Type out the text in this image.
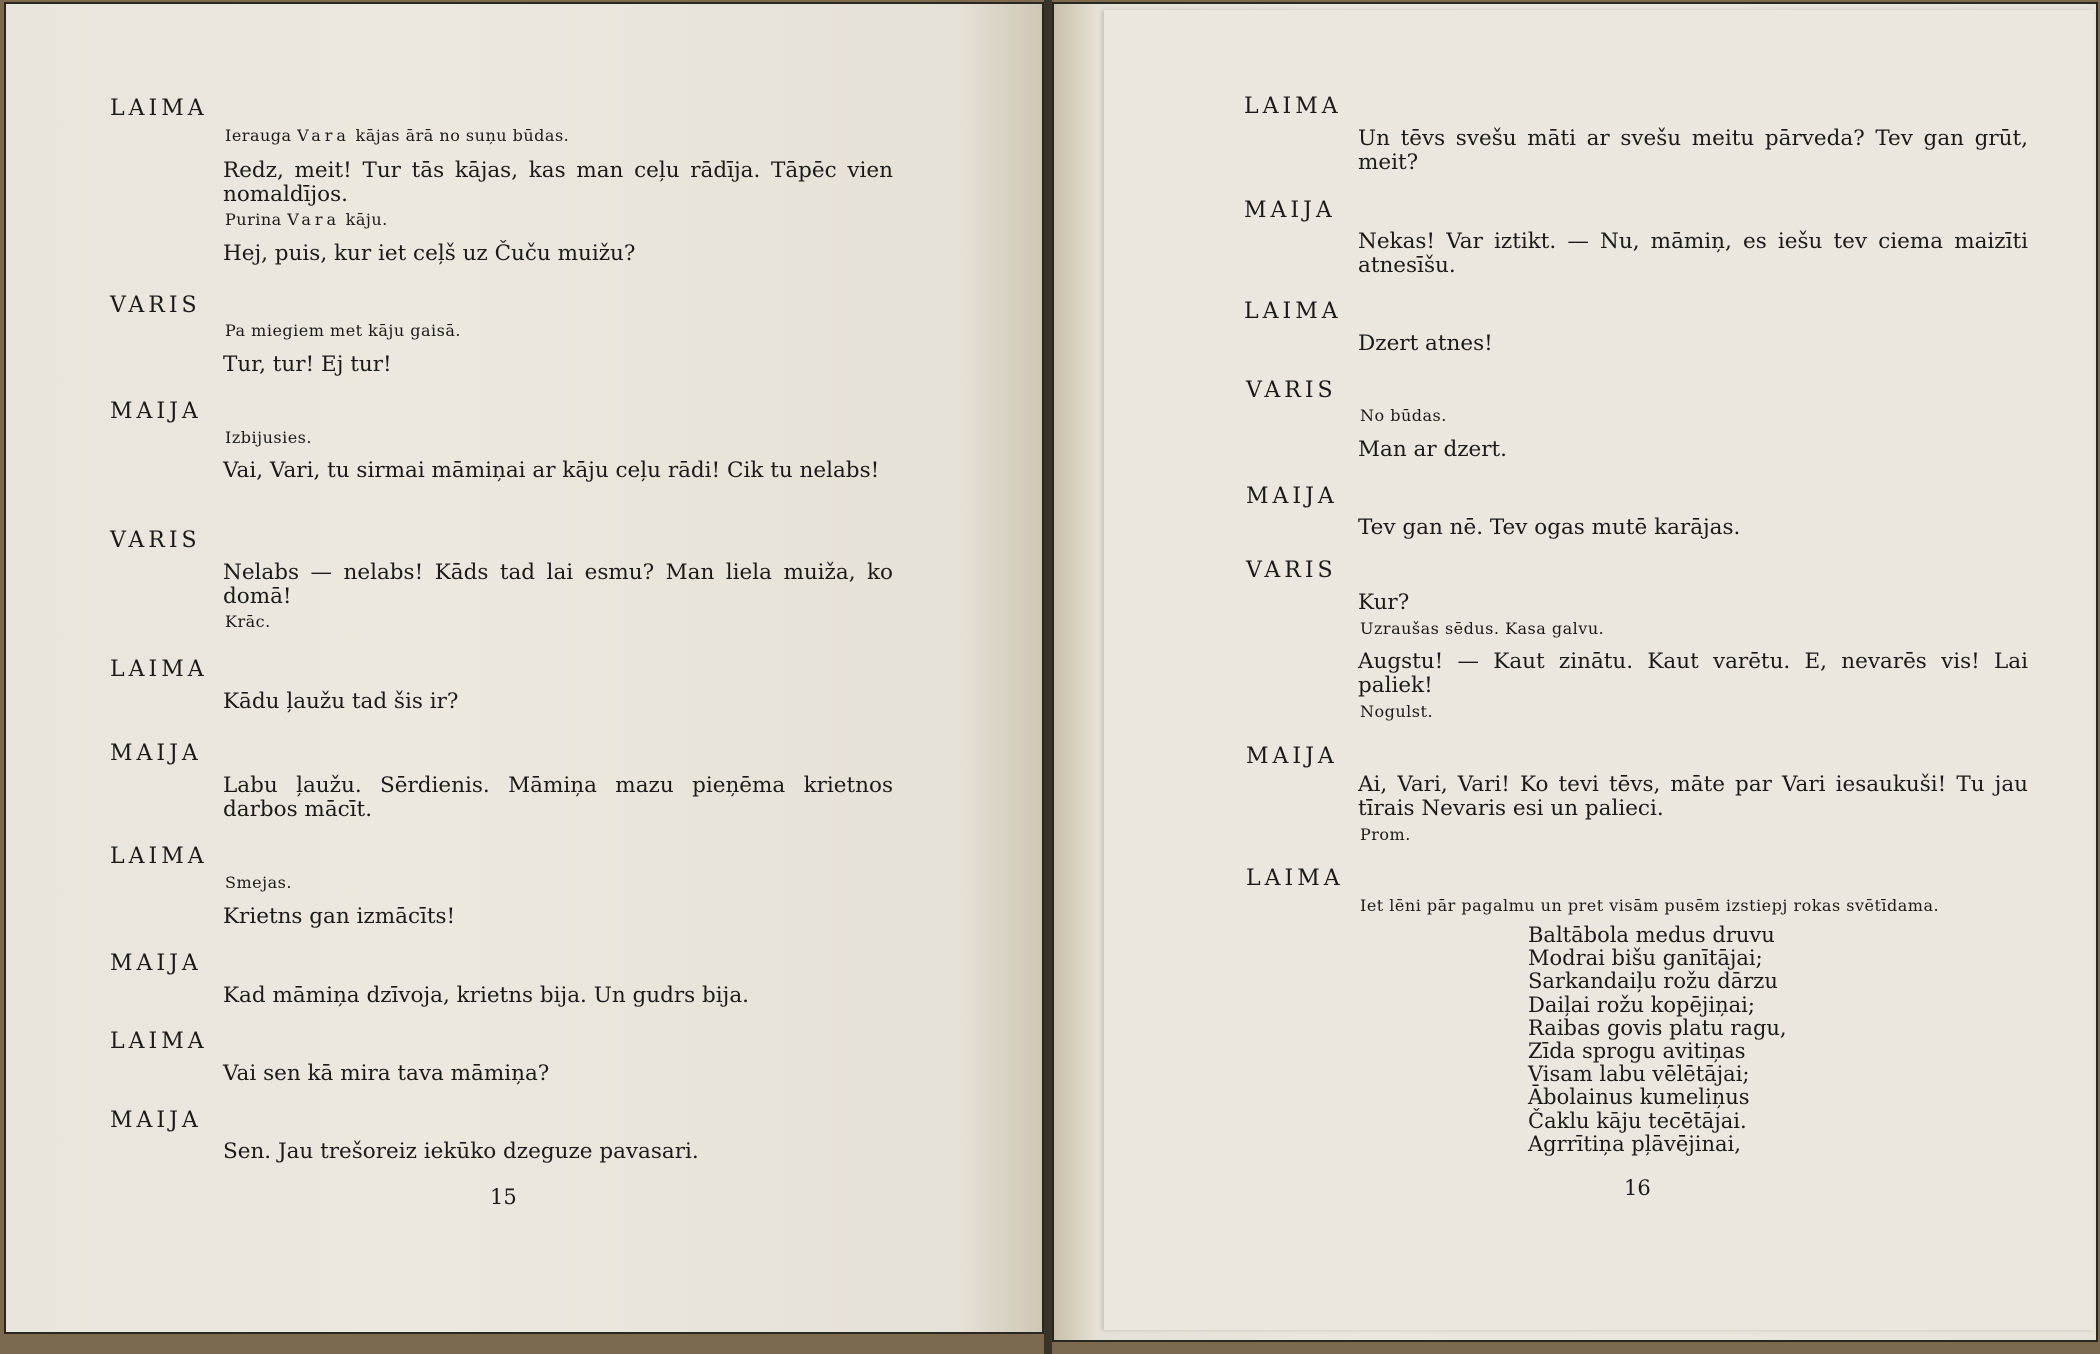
LAIMA
Ierauga Vara kājas ārā no suņu būdas.
Redz, meit! Tur tās kājas, kas man ceļu rādīja. Tāpēc vien nomaldījos.
Purina Vara kāju.
Hej, puis, kur iet ceļš uz Čuču muižu?
VARIS
Pa miegiem met kāju gaisā.
Tur, tur! Ej tur!
MAIJA
Izbijusies.
Vai, Vari, tu sirmai māmiņai ar kāju ceļu rādi! Cik tu nelabs!
VARIS
Nelabs — nelabs! Kāds tad lai esmu? Man liela muiža, ko domā!
Krāc.
LAIMA
Kādu ļaužu tad šis ir?
MAIJA
Labu ļaužu. Sērdienis. Māmiņa mazu pieņēma krietnos darbos mācīt.
LAIMA
Smejas.
Krietns gan izmācīts!
MAIJA
Kad māmiņa dzīvoja, krietns bija. Un gudrs bija.
LAIMA
Vai sen kā mira tava māmiņa?
MAIJA
Sen. Jau trešoreiz iekūko dzeguze pavasari.
15
LAIMA
Un tēvs svešu māti ar svešu meitu pārveda? Tev gan grūt, meit?
MAIJA
Nekas! Var iztikt. — Nu, māmiņ, es iešu tev ciema maizīti atnesīšu.
LAIMA
Dzert atnes!
VARIS
No būdas.
Man ar dzert.
MAIJA
Tev gan nē. Tev ogas mutē karājas.
VARIS
Kur?
Uzraušas sēdus. Kasa galvu.
Augstu! — Kaut zinātu. Kaut varētu. E, nevarēs vis! Lai paliek!
Nogulst.
MAIJA
Ai, Vari, Vari! Ko tevi tēvs, māte par Vari iesaukuši! Tu jau tīrais Nevaris esi un palieci.
Prom.
LAIMA
Iet lēni pār pagalmu un pret visām pusēm izstiepj rokas svētīdama.
Baltābola medus druvu
Modrai bišu ganītājai;
Sarkandaiļu rožu dārzu
Daiļai rožu kopējiņai;
Raibas govis platu ragu,
Zīda sprogu avitiņas
Visam labu vēlētājai;
Ābolainus kumeliņus
Čaklu kāju tecētājai.
Agrrītiņa pļāvējinai,
16
